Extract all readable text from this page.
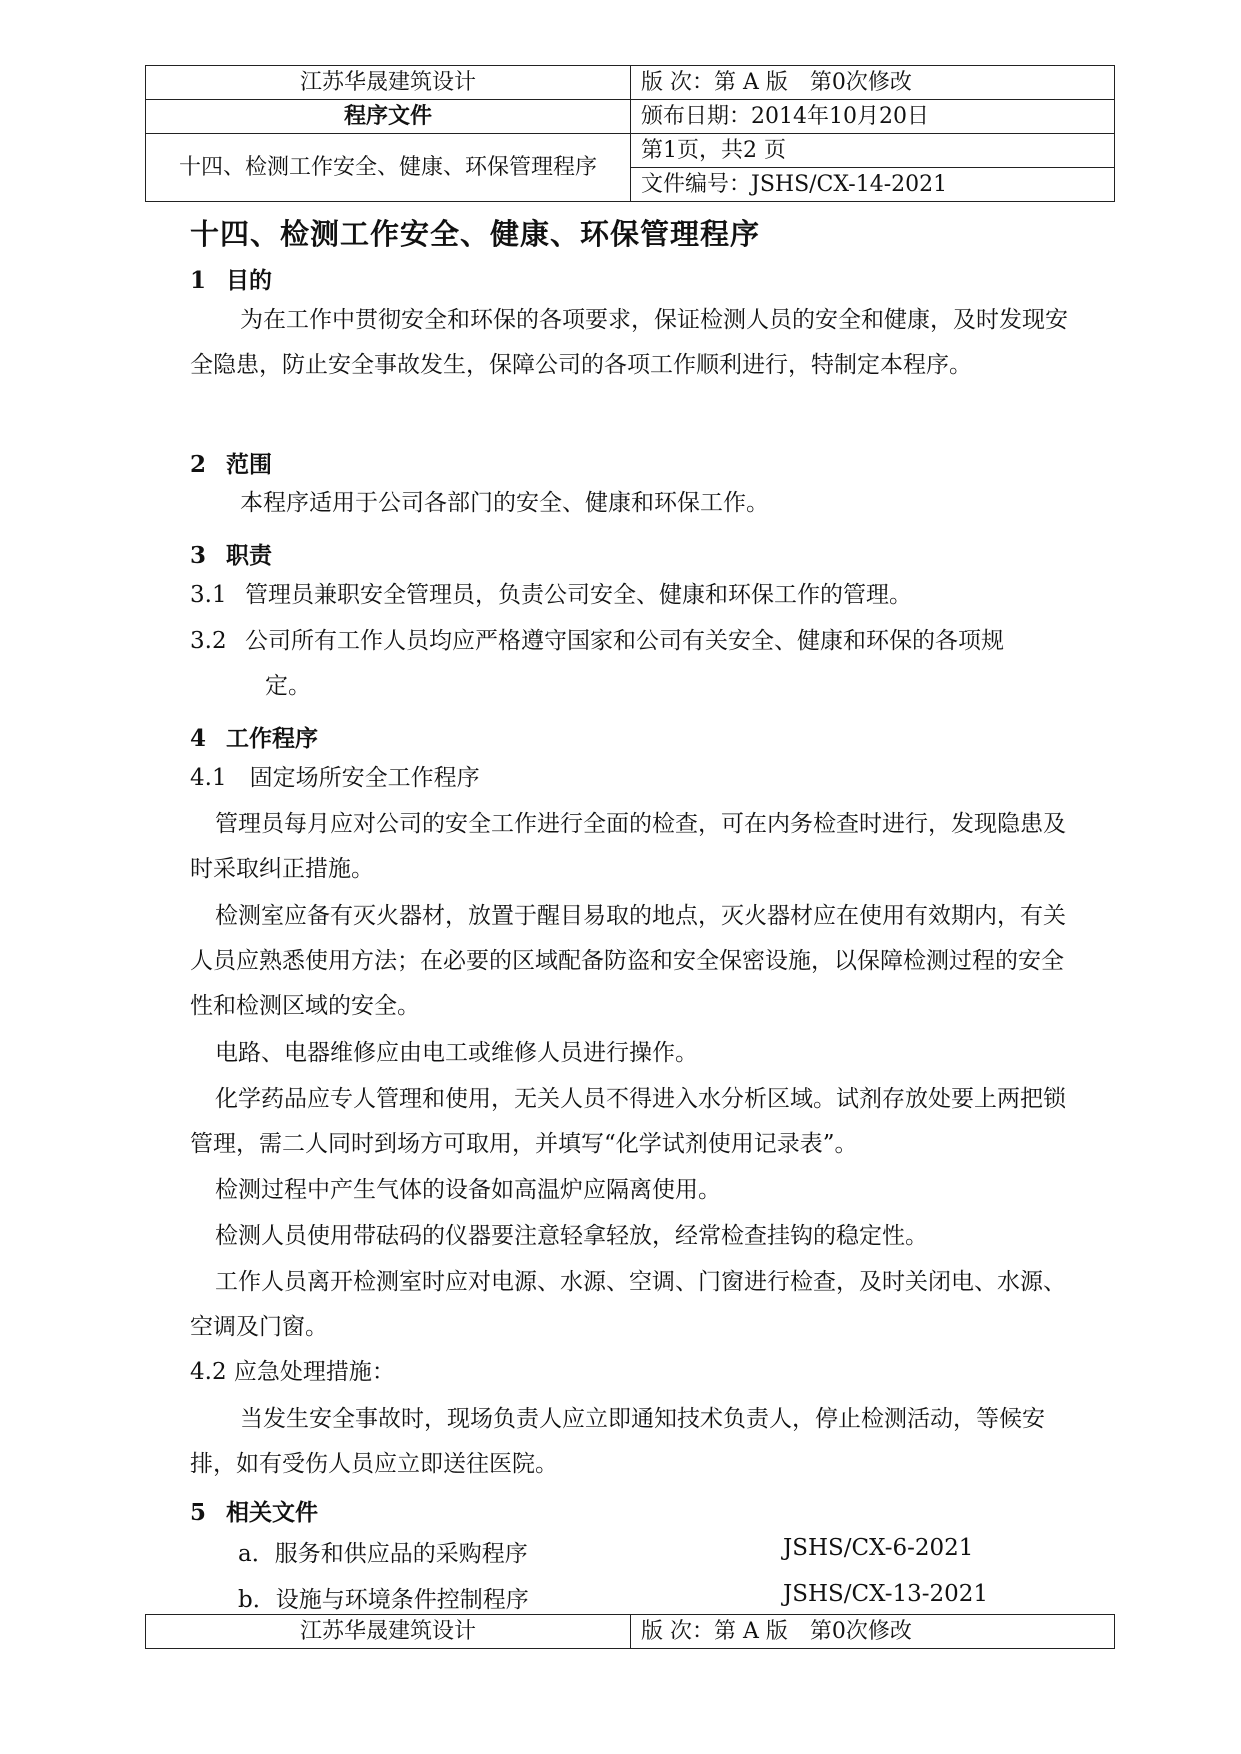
江苏华晟建筑设计	版 次：第 A 版　第0次修改
程序文件	颁布日期：2014年10月20日
十四、检测工作安全、健康、环保管理程序	第1页，共2 页
	文件编号：JSHS/CX-14-2021
十四、检测工作安全、健康、环保管理程序
1 目的
为在工作中贯彻安全和环保的各项要求，保证检测人员的安全和健康，及时发现安全隐患，防止安全事故发生，保障公司的各项工作顺利进行，特制定本程序。
2 范围
本程序适用于公司各部门的安全、健康和环保工作。
3 职责
3.1 管理员兼职安全管理员，负责公司安全、健康和环保工作的管理。
3.2 公司所有工作人员均应严格遵守国家和公司有关安全、健康和环保的各项规
定。
4 工作程序
4.1　固定场所安全工作程序
管理员每月应对公司的安全工作进行全面的检查，可在内务检查时进行，发现隐患及时采取纠正措施。
检测室应备有灭火器材，放置于醒目易取的地点，灭火器材应在使用有效期内，有关人员应熟悉使用方法；在必要的区域配备防盗和安全保密设施，以保障检测过程的安全性和检测区域的安全。
电路、电器维修应由电工或维修人员进行操作。
化学药品应专人管理和使用，无关人员不得进入水分析区域。试剂存放处要上两把锁管理，需二人同时到场方可取用，并填写“化学试剂使用记录表”。
检测过程中产生气体的设备如高温炉应隔离使用。
检测人员使用带砝码的仪器要注意轻拿轻放，经常检查挂钩的稳定性。
工作人员离开检测室时应对电源、水源、空调、门窗进行检查，及时关闭电、水源、空调及门窗。
4.2 应急处理措施：
当发生安全事故时，现场负责人应立即通知技术负责人，停止检测活动，等候安排，如有受伤人员应立即送往医院。
5 相关文件
a．服务和供应品的采购程序	JSHS/CX-6-2021
b．设施与环境条件控制程序	JSHS/CX-13-2021
江苏华晟建筑设计	版 次：第 A 版　第0次修改
